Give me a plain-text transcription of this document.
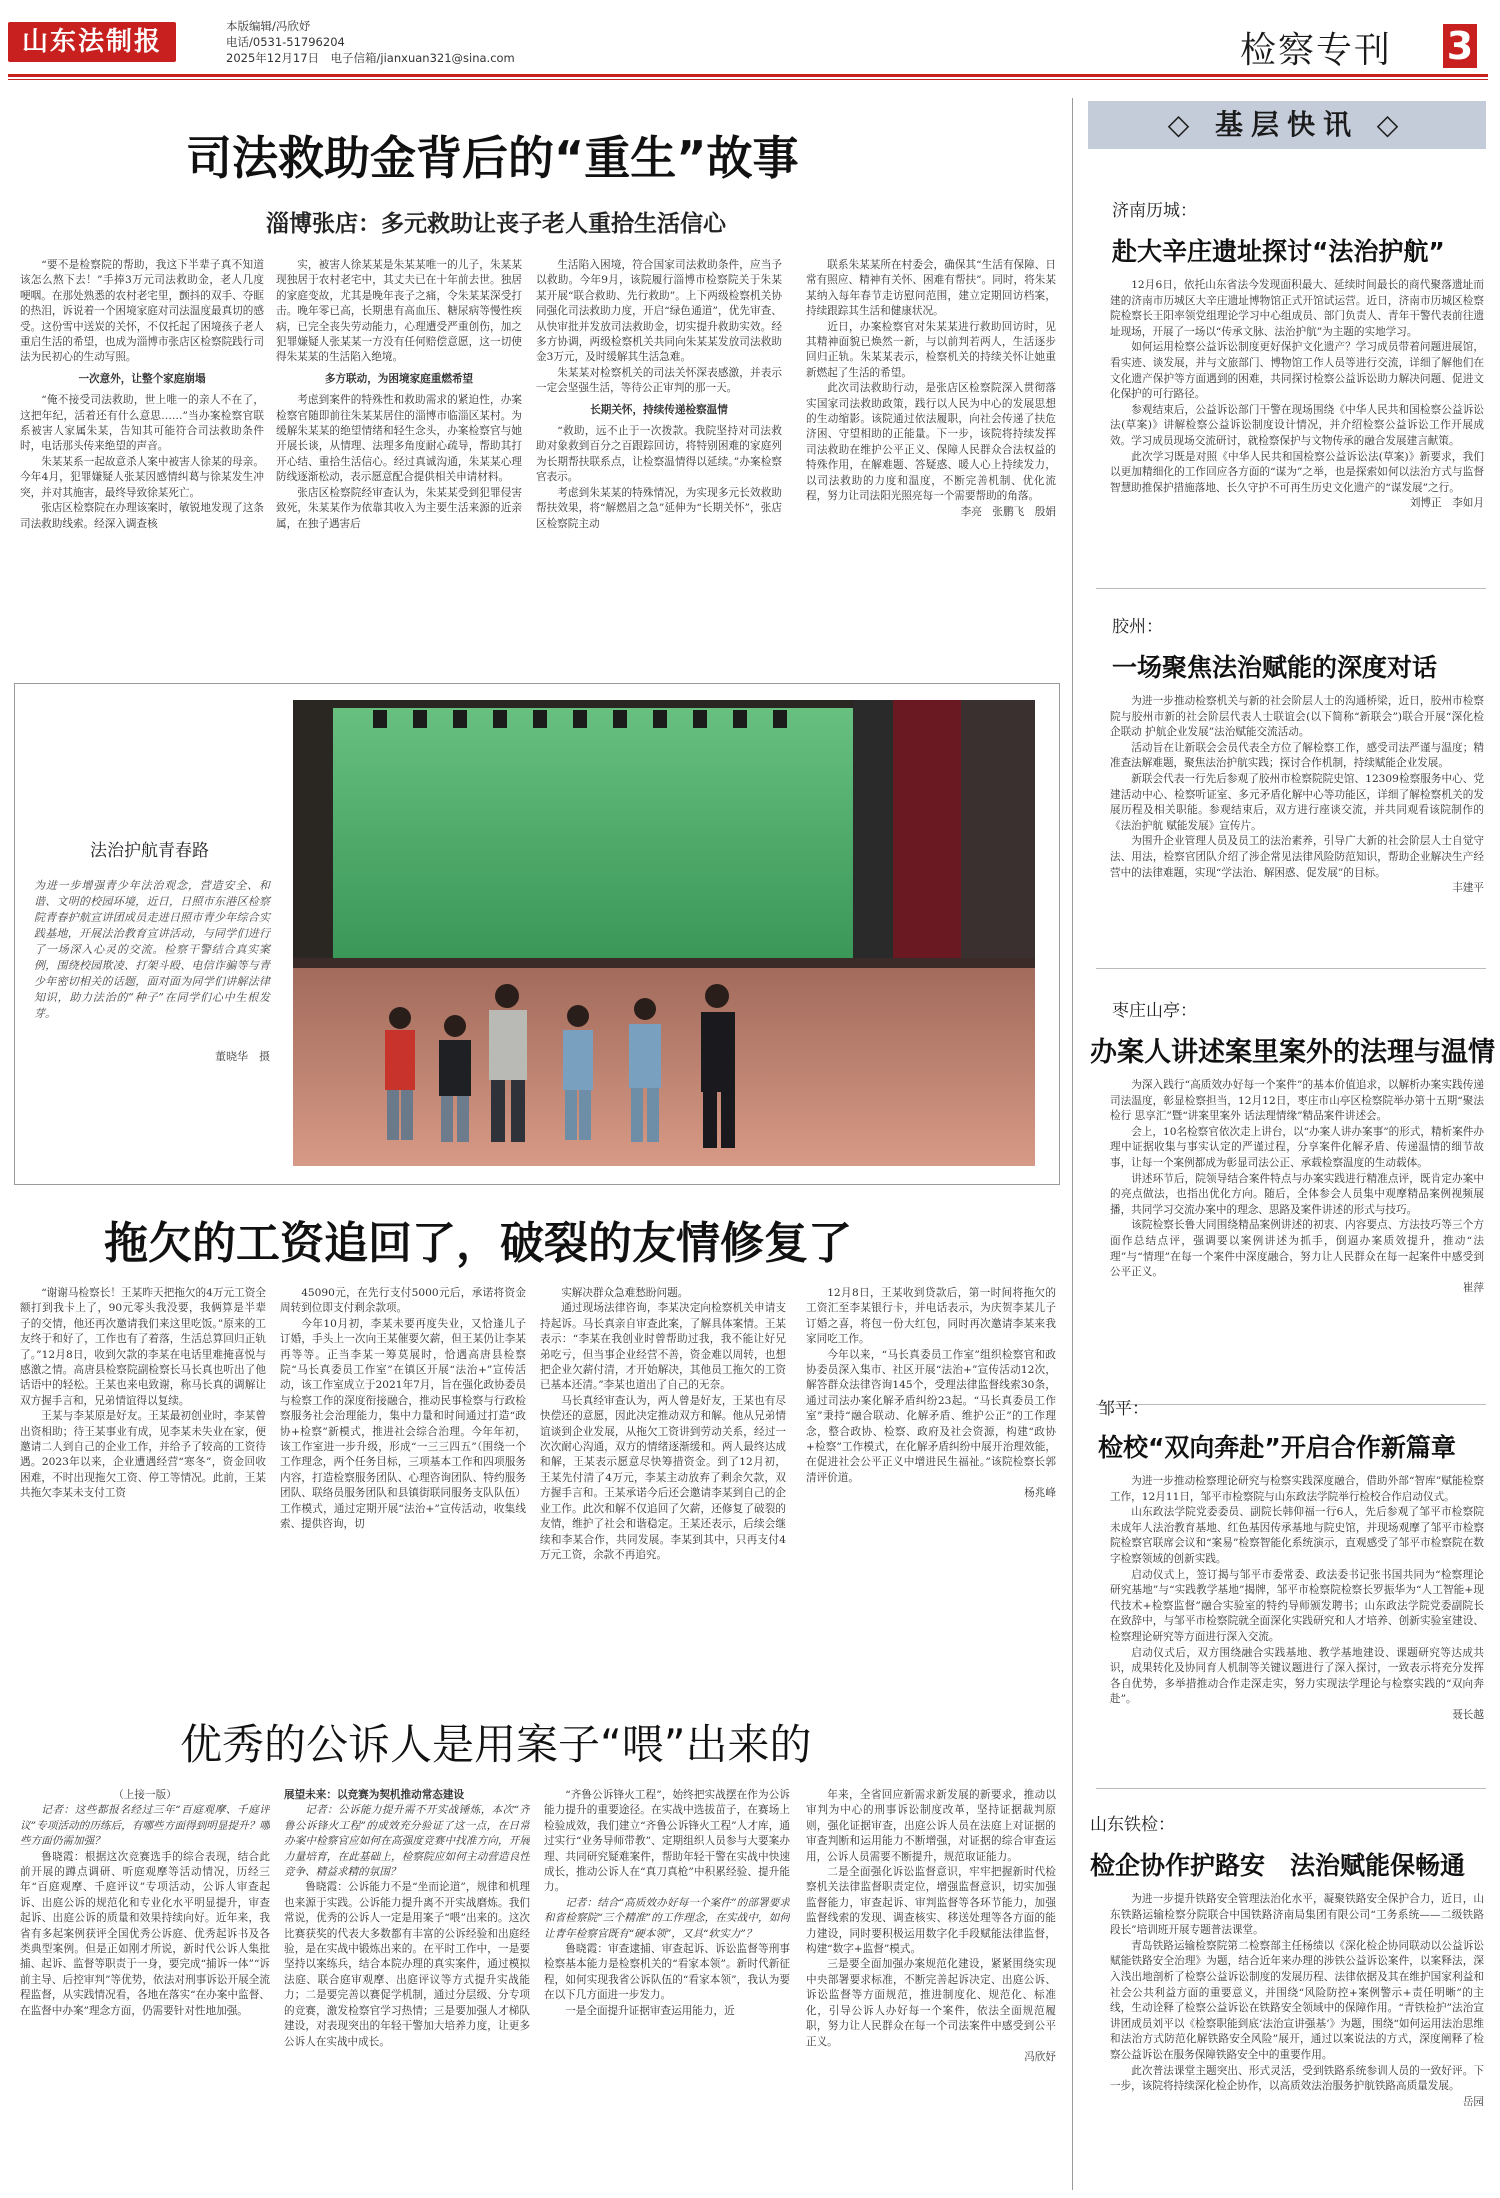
山东法制报
本版编辑/冯欣妤
电话/0531-51796204
2025年12月17日　电子信箱/jianxuan321@sina.com	检察专刊 3
司法救助金背后的“重生”故事
淄博张店：多元救助让丧子老人重拾生活信心

“要不是检察院的帮助，我这下半辈子真不知道该怎么熬下去！”手捧3万元司法救助金，老人几度哽咽。在那处熟悉的农村老宅里，颤抖的双手、夺眶的热泪，诉说着一个困境家庭对司法温度最真切的感受。这份雪中送炭的关怀，不仅托起了困境孩子老人重启生活的希望，也成为淄博市张店区检察院践行司法为民初心的生动写照。

一次意外，让整个家庭崩塌

“俺不接受司法救助，世上唯一的亲人不在了，这把年纪，活着还有什么意思……”当办案检察官联系被害人家属朱某，告知其可能符合司法救助条件时，电话那头传来绝望的声音。

朱某某系一起故意杀人案中被害人徐某的母亲。今年4月，犯罪嫌疑人张某因感情纠葛与徐某发生冲突，并对其施害，最终导致徐某死亡。

张店区检察院在办理该案时，敏锐地发现了这条司法救助线索。经深入调查核

实，被害人徐某某是朱某某唯一的儿子，朱某某现独居于农村老宅中，其丈夫已在十年前去世。独居的家庭变故，尤其是晚年丧子之痛，令朱某某深受打击。晚年零已高，长期患有高血压、糖尿病等慢性疾病，已完全丧失劳动能力，心理遭受严重创伤，加之犯罪嫌疑人张某某一方没有任何赔偿意愿，这一切使得朱某某的生活陷入绝境。

多方联动，为困境家庭重燃希望

考虑到案件的特殊性和救助需求的紧迫性，办案检察官随即前往朱某某居住的淄博市临淄区某村。为缓解朱某某的绝望情绪和轻生念头，办案检察官与她开展长谈，从情理、法理多角度耐心疏导，帮助其打开心结、重拾生活信心。经过真诚沟通，朱某某心理防线逐渐松动，表示愿意配合提供相关申请材料。

张店区检察院经审查认为，朱某某受到犯罪侵害致死，朱某某作为依靠其收入为主要生活来源的近亲属，在独子遇害后

生活陷入困境，符合国家司法救助条件，应当予以救助。今年9月，该院履行淄博市检察院关于朱某某开展“联合救助、先行救助”。上下两级检察机关协同强化司法救助力度，开启“绿色通道”，优先审查、从快审批并发放司法救助金，切实提升救助实效。经多方协调，两级检察机关共同向朱某某发放司法救助金3万元，及时缓解其生活急难。

朱某某对检察机关的司法关怀深表感激，并表示一定会坚强生活，等待公正审判的那一天。

长期关怀，持续传递检察温情

“救助，远不止于一次拨款。我院坚持对司法救助对象救到百分之百跟踪回访，将特别困难的家庭列为长期帮扶联系点，让检察温情得以延续。”办案检察官表示。

考虑到朱某某的特殊情况，为实现多元长效救助帮扶效果，将“解燃眉之急”延伸为“长期关怀”，张店区检察院主动

联系朱某某所在村委会，确保其“生活有保障、日常有照应、精神有关怀、困难有帮扶”。同时，将朱某某纳入每年春节走访慰问范围，建立定期回访档案，持续跟踪其生活和健康状况。

近日，办案检察官对朱某某进行救助回访时，见其精神面貌已焕然一新，与以前判若两人，生活逐步回归正轨。朱某某表示，检察机关的持续关怀让她重新燃起了生活的希望。

此次司法救助行动，是张店区检察院深入贯彻落实国家司法救助政策，践行以人民为中心的发展思想的生动缩影。该院通过依法履职，向社会传递了扶危济困、守望相助的正能量。下一步，该院将持续发挥司法救助在维护公平正义、保障人民群众合法权益的特殊作用，在解难题、答疑惑、暖人心上持续发力，以司法救助的力度和温度，不断完善机制、优化流程，努力让司法阳光照亮每一个需要帮助的角落。

李亮　张鹏飞　殷娟

法治护航青春路
为进一步增强青少年法治观念，营造安全、和谐、文明的校园环境，近日，日照市东港区检察院青春护航宣讲团成员走进日照市青少年综合实践基地，开展法治教育宣讲活动，与同学们进行了一场深入心灵的交流。检察干警结合真实案例，围绕校园欺凌、打架斗殴、电信诈骗等与青少年密切相关的话题，面对面为同学们讲解法律知识，助力法治的“种子”在同学们心中生根发芽。
董晓华　摄
拖欠的工资追回了，破裂的友情修复了

“谢谢马检察长！王某昨天把拖欠的4万元工资全额打到我卡上了，90元零头我没要，我俩算是半辈子的交情，他还再次邀请我们来这里吃饭。”原来的工友终于和好了，工作也有了着落，生活总算回归正轨了。”12月8日，收到欠款的李某在电话里难掩喜悦与感激之情。高唐县检察院副检察长马长真也听出了他话语中的轻松。王某也来电致谢，称马长真的调解让双方握手言和，兄弟情谊得以复续。

王某与李某原是好友。王某最初创业时，李某曾出资相助；待王某事业有成，见李某未失业在家，便邀请二人到自己的企业工作，并给予了较高的工资待遇。2023年以来，企业遭遇经营“寒冬”，资金回收困难，不时出现拖欠工资、停工等情况。此前，王某共拖欠李某未支付工资

45090元，在先行支付5000元后，承诺将资金周转到位即支付剩余款项。

今年10月初，李某未要再度失业，又恰逢儿子订婚，手头上一次向王某催要欠薪，但王某仍让李某再等等。正当李某一筹莫展时，恰遇高唐县检察院“马长真委员工作室”在镇区开展“法治+”宣传活动，该工作室成立于2021年7月，旨在强化政协委员与检察工作的深度衔接融合，推动民事检察与行政检察服务社会治理能力，集中力量和时间通过打造“政协+检察”新模式，推进社会综合治理。今年年初，该工作室进一步升级，形成“一三三四五”（围绕一个工作理念，两个任务目标，三项基本工作和四项服务内容，打造检察服务团队、心理咨询团队、特约服务团队、联络员服务团队和县镇街联同服务支队队伍）工作模式，通过定期开展“法治+”宣传活动，收集线索、提供咨询，切

实解决群众急难愁盼问题。

通过现场法律咨询，李某决定向检察机关申请支持起诉。马长真亲自审查此案，了解具体案情。王某表示：“李某在我创业时曾帮助过我，我不能让好兄弟吃亏，但当事企业经营不善，资金难以周转，也想把企业欠薪付清，才开始解决，其他员工拖欠的工资已基本还清。”李某也道出了自己的无奈。

马长真经审查认为，两人曾是好友，王某也有尽快偿还的意愿，因此决定推动双方和解。他从兄弟情谊谈到企业发展，从拖欠工资讲到劳动关系，经过一次次耐心沟通，双方的情绪逐渐缓和。两人最终达成和解，王某表示愿意尽快筹措资金。到了12月初，王某先付清了4万元，李某主动放弃了剩余欠款，双方握手言和。王某承诺今后还会邀请李某到自己的企业工作。此次和解不仅追回了欠薪，还修复了破裂的友情，维护了社会和谐稳定。王某还表示，后续会继续和李某合作，共同发展。李某到其中，只再支付4万元工资，余款不再追究。

12月8日，王某收到贷款后，第一时间将拖欠的工资汇至李某银行卡，并电话表示，为庆贺李某儿子订婚之喜，将包一份大红包，同时再次邀请李某来我家同吃工作。

今年以来，“马长真委员工作室”组织检察官和政协委员深入集市、社区开展“法治+”宣传活动12次，解答群众法律咨询145个，受理法律监督线索30条，通过司法办案化解矛盾纠纷23起。“马长真委员工作室”秉持“融合联动、化解矛盾、维护公正”的工作理念，整合政协、检察、政府及社会资源，构建“政协+检察”工作模式，在化解矛盾纠纷中展开治理效能，在促进社会公平正义中增进民生福祉。”该院检察长郭清评价道。

杨兆峰

优秀的公诉人是用案子“喂”出来的

（上接一版）

记者：这些都报名经过三年“百庭观摩、千庭评议”专项活动的历练后，有哪些方面得到明显提升？哪些方面仍需加强？

鲁晓霞：根据这次竞赛选手的综合表现，结合此前开展的蹲点调研、听庭观摩等活动情况，历经三年“百庭观摩、千庭评议”专项活动，公诉人审查起诉、出庭公诉的规范化和专业化水平明显提升，审查起诉、出庭公诉的质量和效果持续向好。近年来，我省有多起案例获评全国优秀公诉庭、优秀起诉书及各类典型案例。但是正如刚才所说，新时代公诉人集批捕、起诉、监督等职责于一身，要完成“捕诉一体”“诉前主导、后控审判”等优势，依法对刑事诉讼开展全流程监督，从实践情况看，各地在落实“在办案中监督、在监督中办案”理念方面，仍需要针对性地加强。

展望未来：以竞赛为契机推动常态建设

记者：公诉能力提升需不开实战锤炼，本次“齐鲁公诉锋火工程”的成效充分验证了这一点，在日常办案中检察官应如何在高强度竞赛中找准方向，开展力量培育，在此基础上，检察院应如何主动营造良性竞争、精益求精的氛围？

鲁晓霞：公诉能力不是“坐而论道”，规律和机理也来源于实践。公诉能力提升离不开实战磨炼。我们常说，优秀的公诉人一定是用案子“喂”出来的。这次比赛获奖的代表大多数都有丰富的公诉经验和出庭经验，是在实战中锻炼出来的。在平时工作中，一是要坚持以案练兵，结合本院办理的真实案件，通过模拟法庭、联合庭审观摩、出庭评议等方式提升实战能力；二是要完善以赛促学机制，通过分层级、分专项的竞赛，激发检察官学习热情；三是要加强人才梯队建设，对表现突出的年轻干警加大培养力度，让更多公诉人在实战中成长。

“齐鲁公诉锋火工程”，始终把实战摆在作为公诉能力提升的重要途径。在实战中选拔苗子，在赛场上检验成效，我们建立“齐鲁公诉锋火工程”人才库，通过实行“业务导师带教”、定期组织人员参与大要案办理、共同研究疑难案件，帮助年轻干警在实战中快速成长，推动公诉人在“真刀真枪”中积累经验、提升能力。

记者：结合“高质效办好每一个案件”的部署要求和省检察院“三个精准”的工作理念，在实战中，如何让青年检察官既有“硬本领”，又具“软实力”？

鲁晓霞：审查逮捕、审查起诉、诉讼监督等刑事检察基本能力是检察机关的“看家本领”。新时代新征程，如何实现我省公诉队伍的“看家本领”，我认为要在以下几方面进一步发力。

一是全面提升证据审查运用能力，近

年来，全省回应新需求新发展的新要求，推动以审判为中心的刑事诉讼制度改革，坚持证据裁判原则，强化证据审查，出庭公诉人员在法庭上对证据的审查判断和运用能力不断增强，对证据的综合审查运用，公诉人员需要不断提升，规范取证能力。

二是全面强化诉讼监督意识，牢牢把握新时代检察机关法律监督职责定位，增强监督意识，切实加强监督能力，审查起诉、审判监督等各环节能力，加强监督线索的发现、调查核实、移送处理等各方面的能力建设，同时要积极运用数字化手段赋能法律监督，构建“数字+监督”模式。

三是要全面加强办案规范化建设，紧紧围绕实现中央部署要求标准，不断完善起诉决定、出庭公诉、诉讼监督等方面规范，推进制度化、规范化、标准化，引导公诉人办好每一个案件，依法全面规范履职，努力让人民群众在每一个司法案件中感受到公平正义。

冯欣妤

◇ 基层快讯 ◇
济南历城：
赴大辛庄遗址探讨“法治护航”

12月6日，依托山东省法今发现面积最大、延续时间最长的商代聚落遗址而建的济南市历城区大辛庄遗址博物馆正式开馆试运营。近日，济南市历城区检察院检察长王阳率领党组理论学习中心组成员、部门负责人、青年干警代表前往遗址现场，开展了一场以“传承文脉、法治护航”为主题的实地学习。

如何运用检察公益诉讼制度更好保护文化遗产？学习成员带着问题进展馆，看实迹、谈发展，并与文旅部门、博物馆工作人员等进行交流，详细了解他们在文化遗产保护等方面遇到的困难，共同探讨检察公益诉讼助力解决问题、促进文化保护的可行路径。

参观结束后，公益诉讼部门干警在现场围绕《中华人民共和国检察公益诉讼法(草案)》讲解检察公益诉讼制度设计情况，并介绍检察公益诉讼工作开展成效。学习成员现场交流研讨，就检察保护与文物传承的融合发展建言献策。

此次学习既是对照《中华人民共和国检察公益诉讼法(草案)》新要求，我们以更加精细化的工作回应各方面的“谋为”之举，也是探索如何以法治方式与监督智慧助推保护措施落地、长久守护不可再生历史文化遗产的“谋发展”之行。

刘博正　李如月

胶州：
一场聚焦法治赋能的深度对话

为进一步推动检察机关与新的社会阶层人士的沟通桥梁，近日，胶州市检察院与胶州市新的社会阶层代表人士联谊会(以下简称“新联会”)联合开展“深化检企联动 护航企业发展”法治赋能交流活动。

活动旨在让新联会会员代表全方位了解检察工作，感受司法严谨与温度；精准查法解难题，聚焦法治护航实践；探讨合作机制，持续赋能企业发展。

新联会代表一行先后参观了胶州市检察院院史馆、12309检察服务中心、党建活动中心、检察听证室、多元矛盾化解中心等功能区，详细了解检察机关的发展历程及相关职能。参观结束后，双方进行座谈交流，并共同观看该院制作的《法治护航 赋能发展》宣传片。

为围升企业管理人员及员工的法治素养，引导广大新的社会阶层人士自觉守法、用法，检察官团队介绍了涉企常见法律风险防范知识，帮助企业解决生产经营中的法律难题，实现“学法治、解困惑、促发展”的目标。

丰建平

枣庄山亭：
办案人讲述案里案外的法理与温情

为深入践行“高质效办好每一个案件”的基本价值追求，以解析办案实践传递司法温度，彰显检察担当，12月12日，枣庄市山亭区检察院举办第十五期“聚法检行 思享汇”暨“讲案里案外 话法理情缘”精品案件讲述会。

会上，10名检察官依次走上讲台，以“办案人讲办案事”的形式，精析案件办理中证据收集与事实认定的严谨过程，分享案件化解矛盾、传递温情的细节故事，让每一个案例都成为彰显司法公正、承载检察温度的生动载体。

讲述环节后，院领导结合案件特点与办案实践进行精准点评，既肯定办案中的亮点做法，也指出优化方向。随后，全体参会人员集中观摩精品案例视频展播，共同学习交流办案中的理念、思路及案件讲述的形式与技巧。

该院检察长鲁大同围绕精品案例讲述的初衷、内容要点、方法技巧等三个方面作总结点评，强调要以案例讲述为抓手，倒逼办案质效提升，推动“法理”与“情理”在每一个案件中深度融合，努力让人民群众在每一起案件中感受到公平正义。

崔萍

邹平：
检校“双向奔赴”开启合作新篇章

为进一步推动检察理论研究与检察实践深度融合，借助外部“智库”赋能检察工作，12月11日，邹平市检察院与山东政法学院举行检校合作启动仪式。

山东政法学院党委委员、副院长韩仰福一行6人，先后参观了邹平市检察院未成年人法治教育基地、红色基因传承基地与院史馆，并现场观摩了邹平市检察院检察官联席会议和“案易”检察智能化系统演示，直观感受了邹平市检察院在数字检察领域的创新实践。

启动仪式上，签订揭与邹平市委常委、政法委书记张书国共同为“检察理论研究基地”与“实践教学基地”揭牌，邹平市检察院检察长罗振华为“人工智能+现代技术+检察监督”融合实验室的特约导师颁发聘书；山东政法学院党委副院长在致辞中，与邹平市检察院就全面深化实践研究和人才培养、创新实验室建设、检察理论研究等方面进行深入交流。

启动仪式后，双方围绕融合实践基地、教学基地建设、课题研究等达成共识，成果转化及协同育人机制等关键议题进行了深入探讨，一致表示将充分发挥各自优势，多举措推动合作走深走实，努力实现法学理论与检察实践的“双向奔赴”。

聂长越

山东铁检：
检企协作护路安　法治赋能保畅通

为进一步提升铁路安全管理法治化水平，凝聚铁路安全保护合力，近日，山东铁路运输检察分院联合中国铁路济南局集团有限公司“工务系统——二级铁路段长”培训班开展专题普法课堂。

青岛铁路运输检察院第二检察部主任杨绩以《深化检企协同联动以公益诉讼赋能铁路安全治理》为题，结合近年来办理的涉铁公益诉讼案件，以案释法，深入浅出地剖析了检察公益诉讼制度的发展历程、法律依据及其在维护国家利益和社会公共利益方面的重要意义，并围绕“风险防控+案例警示+责任明晰”的主线，生动诠释了检察公益诉讼在铁路安全领域中的保障作用。“青铁检护”法治宣讲团成员刘平以《检察职能到底‘法治宣讲强基’》为题，围绕“如何运用法治思维和法治方式防范化解铁路安全风险”展开，通过以案说法的方式，深度阐释了检察公益诉讼在服务保障铁路安全中的重要作用。

此次普法课堂主题突出、形式灵活，受到铁路系统参训人员的一致好评。下一步，该院将持续深化检企协作，以高质效法治服务护航铁路高质量发展。

岳园
